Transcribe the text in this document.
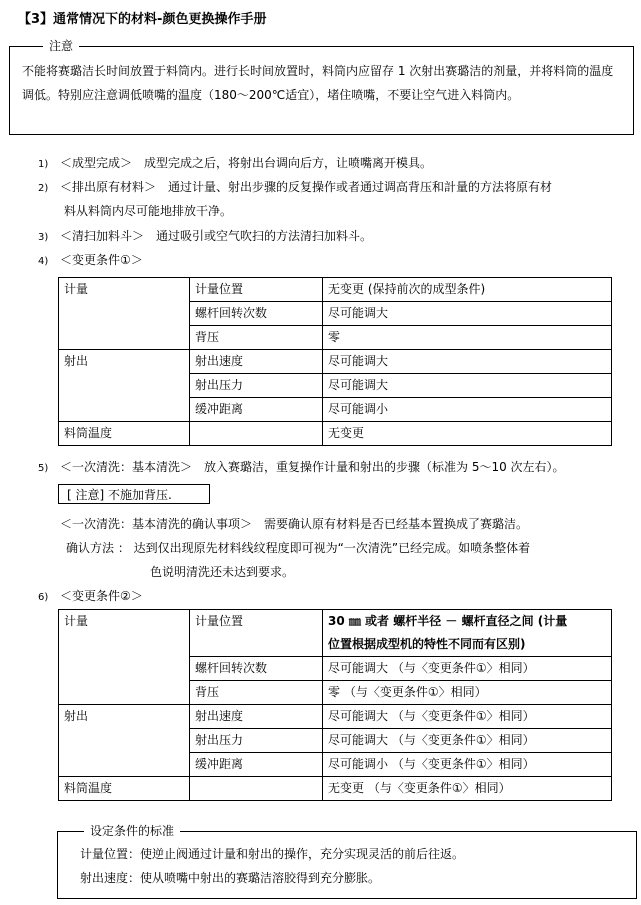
【3】通常情况下的材料-颜色更换操作手册
注意
不能将赛璐洁长时间放置于料筒内。进行长时间放置时，料筒内应留存 1 次射出赛璐洁的剂量，并将料筒的温度调低。特别应注意调低喷嘴的温度（180～200℃适宜），堵住喷嘴，不要让空气进入料筒内。
1) ＜成型完成＞　成型完成之后，将射出台调向后方，让喷嘴离开模具。
2) ＜排出原有材料＞　通过计量、射出步骤的反复操作或者通过调高背压和計量的方法将原有材
料从料筒内尽可能地排放干净。
3) ＜清扫加料斗＞　通过吸引或空气吹扫的方法清扫加料斗。
4) ＜变更条件①＞
计量	计量位置	无变更 (保持前次的成型条件)
	螺杆回转次数	尽可能调大
	背压	零
射出	射出速度	尽可能调大
	射出压力	尽可能调大
	缓冲距离	尽可能调小
料筒温度		无变更
5) ＜一次清洗：基本清洗＞　放入赛璐洁，重复操作计量和射出的步骤（标准为 5～10 次左右）。
[ 注意] 不施加背压.
＜一次清洗：基本清洗的确认事项＞　需要确认原有材料是否已经基本置换成了赛璐洁。
确认方法 ： 达到仅出现原先材料线纹程度即可视为“一次清洗”已经完成。如喷条整体着
色说明清洗还未达到要求。
6) ＜变更条件②＞
计量	计量位置	30 ㎜ 或者 螺杆半径 － 螺杆直径之间 (计量
位置根据成型机的特性不同而有区别)

	螺杆回转次数	尽可能调大 （与〈变更条件①〉相同）
	背压	零 （与〈变更条件①〉相同）
射出	射出速度	尽可能调大 （与〈变更条件①〉相同）
	射出压力	尽可能调大 （与〈变更条件①〉相同）
	缓冲距离	尽可能调小 （与〈变更条件①〉相同）
料筒温度		无变更 （与〈变更条件①〉相同）
设定条件的标准
计量位置：使逆止阀通过计量和射出的操作，充分实现灵活的前后往返。
射出速度：使从喷嘴中射出的赛璐洁溶胶得到充分膨胀。
